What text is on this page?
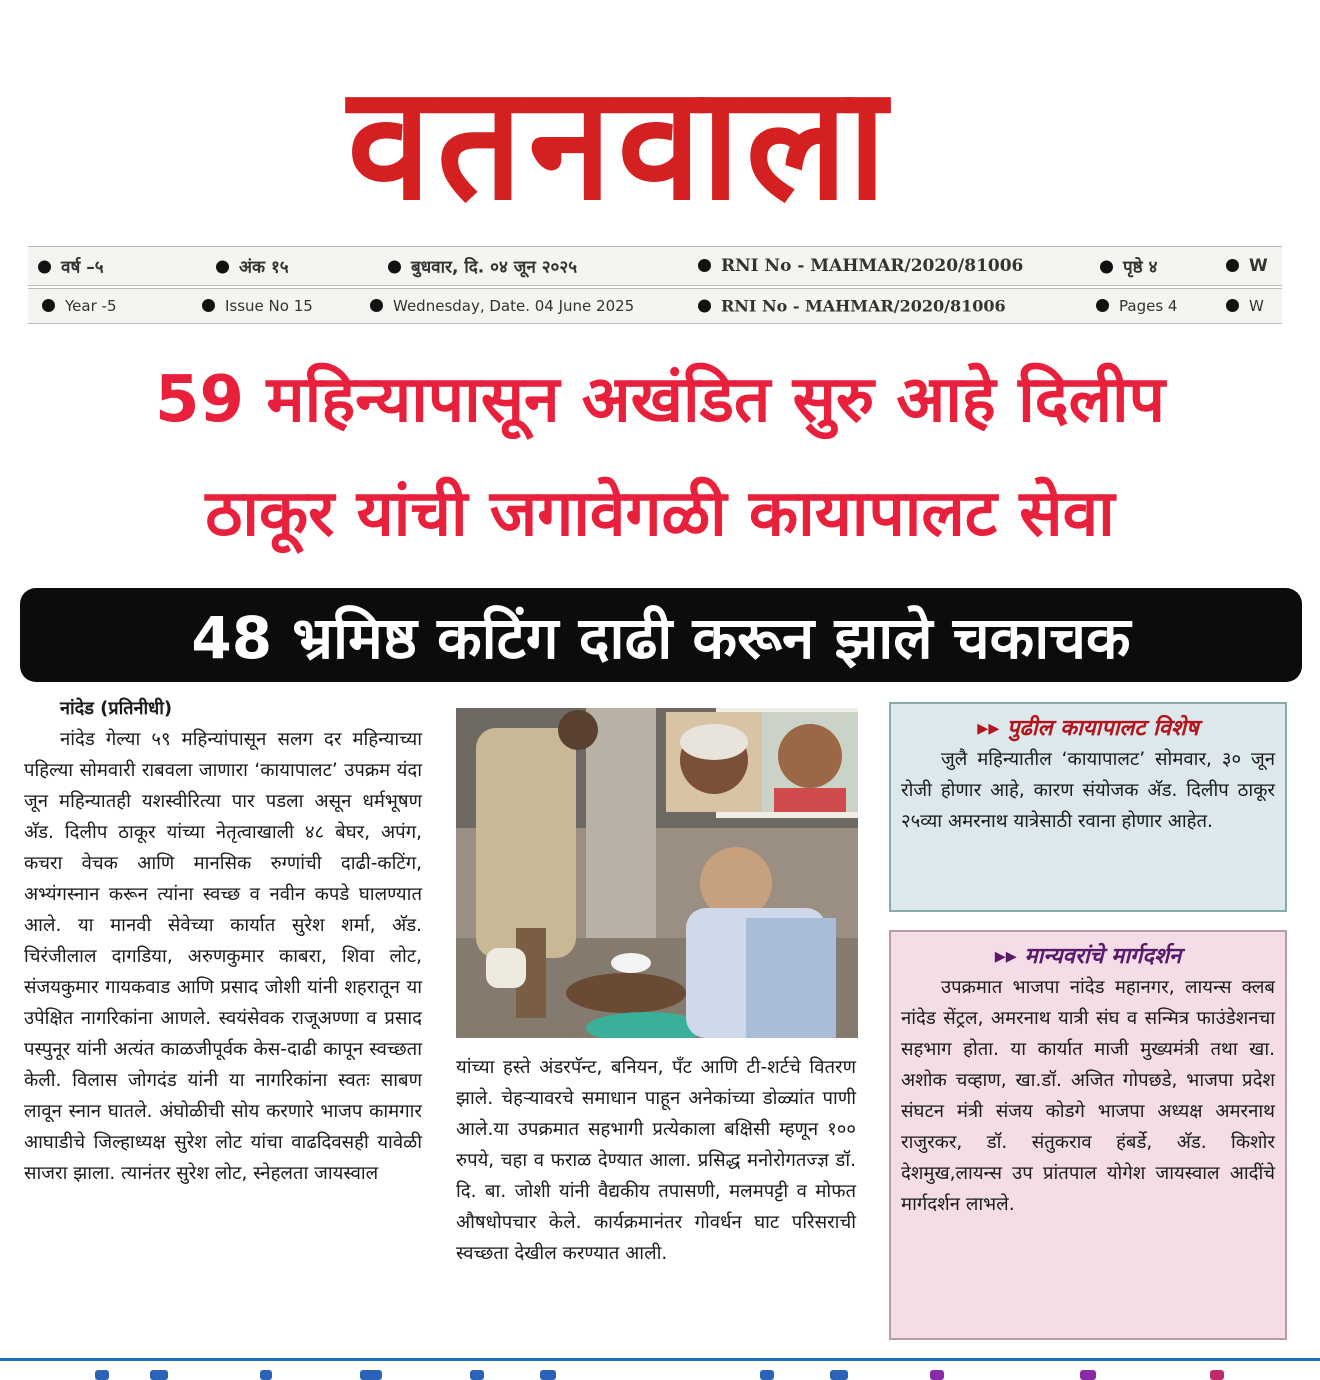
वतनवाला
वर्ष –५	अंक १५	बुधवार, दि. ०४ जून २०२५	RNI No - MAHMAR/2020/81006	पृष्ठे ४	W
Year -5	Issue No 15	Wednesday, Date. 04 June 2025	RNI No - MAHMAR/2020/81006	Pages 4	W
59 महिन्यापासून अखंडित सुरु आहे दिलीप
ठाकूर यांची जगावेगळी कायापालट सेवा
48 भ्रमिष्ठ कटिंग दाढी करून झाले चकाचक

नांदेड (प्रतिनीधी)

नांदेड गेल्या ५९ महिन्यांपासून सलग दर महिन्याच्या पहिल्या सोमवारी राबवला जाणारा ‘कायापालट’ उपक्रम यंदा जून महिन्यातही यशस्वीरित्या पार पडला असून धर्मभूषण अ‍ॅड. दिलीप ठाकूर यांच्या नेतृत्वाखाली ४८ बेघर, अपंग, कचरा वेचक आणि मानसिक रुग्णांची दाढी-कटिंग, अभ्यंगस्नान करून त्यांना स्वच्छ व नवीन कपडे घालण्यात आले. या मानवी सेवेच्या कार्यात सुरेश शर्मा, अ‍ॅड. चिरंजीलाल दागडिया, अरुणकुमार काबरा, शिवा लोट, संजयकुमार गायकवाड आणि प्रसाद जोशी यांनी शहरातून या उपेक्षित नागरिकांना आणले. स्वयंसेवक राजूअण्णा व प्रसाद पस्पुनूर यांनी अत्यंत काळजीपूर्वक केस-दाढी कापून स्वच्छता केली. विलास जोगदंड यांनी या नागरिकांना स्वतः साबण लावून स्नान घातले. अंघोळीची सोय करणारे भाजप कामगार आघाडीचे जिल्हाध्यक्ष सुरेश लोट यांचा वाढदिवसही यावेळी साजरा झाला. त्यानंतर सुरेश लोट, स्नेहलता जायस्वाल

यांच्या हस्ते अंडरपॅन्ट, बनियन, पँट आणि टी-शर्टचे वितरण झाले. चेहऱ्यावरचे समाधान पाहून अनेकांच्या डोळ्यांत पाणी आले.या उपक्रमात सहभागी प्रत्येकाला बक्षिसी म्हणून १०० रुपये, चहा व फराळ देण्यात आला. प्रसिद्ध मनोरोगतज्ज्ञ डॉ. दि. बा. जोशी यांनी वैद्यकीय तपासणी, मलमपट्टी व मोफत औषधोपचार केले. कार्यक्रमानंतर गोवर्धन घाट परिसराची स्वच्छता देखील करण्यात आली.

▸▸ पुढील कायापालट विशेष

जुलै महिन्यातील ‘कायापालट’ सोमवार, ३० जून रोजी होणार आहे, कारण संयोजक अ‍ॅड. दिलीप ठाकूर २५व्या अमरनाथ यात्रेसाठी रवाना होणार आहेत.

▸▸ मान्यवरांचे मार्गदर्शन

उपक्रमात भाजपा नांदेड महानगर, लायन्स क्लब नांदेड सेंट्रल, अमरनाथ यात्री संघ व सन्मित्र फाउंडेशनचा सहभाग होता. या कार्यात माजी मुख्यमंत्री तथा खा. अशोक चव्हाण, खा.डॉ. अजित गोपछडे, भाजपा प्रदेश संघटन मंत्री संजय कोडगे भाजपा अध्यक्ष अमरनाथ राजुरकर, डॉ. संतुकराव हंबर्डे, अ‍ॅड. किशोर देशमुख,लायन्स उप प्रांतपाल योगेश जायस्वाल आदींचे मार्गदर्शन लाभले.
